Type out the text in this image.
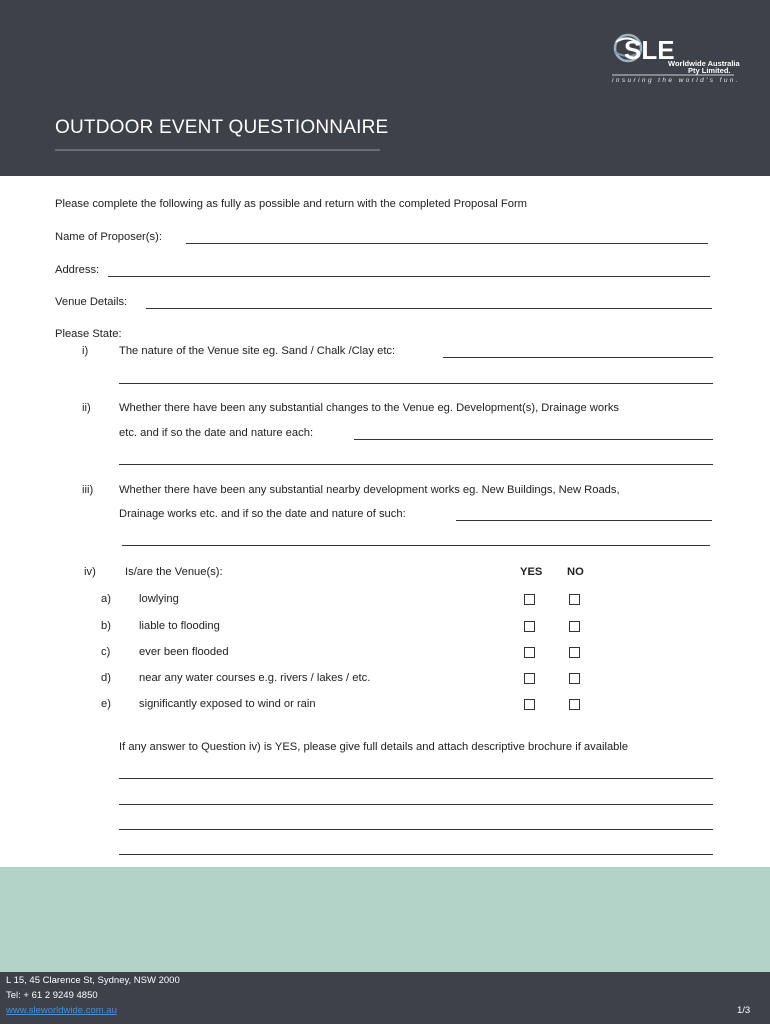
SLE
Worldwide Australia
Pty Limited.
insuring the world's fun.
OUTDOOR EVENT QUESTIONNAIRE
Please complete the following as fully as possible and return with the completed Proposal Form
Name of Proposer(s):
Address:
Venue Details:
Please State:
i)	The nature of the Venue site eg. Sand / Chalk /Clay etc:
ii)	Whether there have been any substantial changes to the Venue eg. Development(s), Drainage works
etc. and if so the date and nature each:
iii) Whether there have been any substantial nearby development works eg. New Buildings, New Roads,
Drainage works etc. and if so the date and nature of such:
iv)	Is/are the Venue(s):	YES NO
a)	lowlying
b)	liable to flooding
c)	ever been flooded
d)	near any water courses e.g. rivers / lakes / etc.
e)	significantly exposed to wind or rain
If any answer to Question iv) is YES, please give full details and attach descriptive brochure if available
L 15, 45 Clarence St, Sydney, NSW 2000
Tel: + 61 2 9249 4850
www.sleworldwide.com.au	1/3
